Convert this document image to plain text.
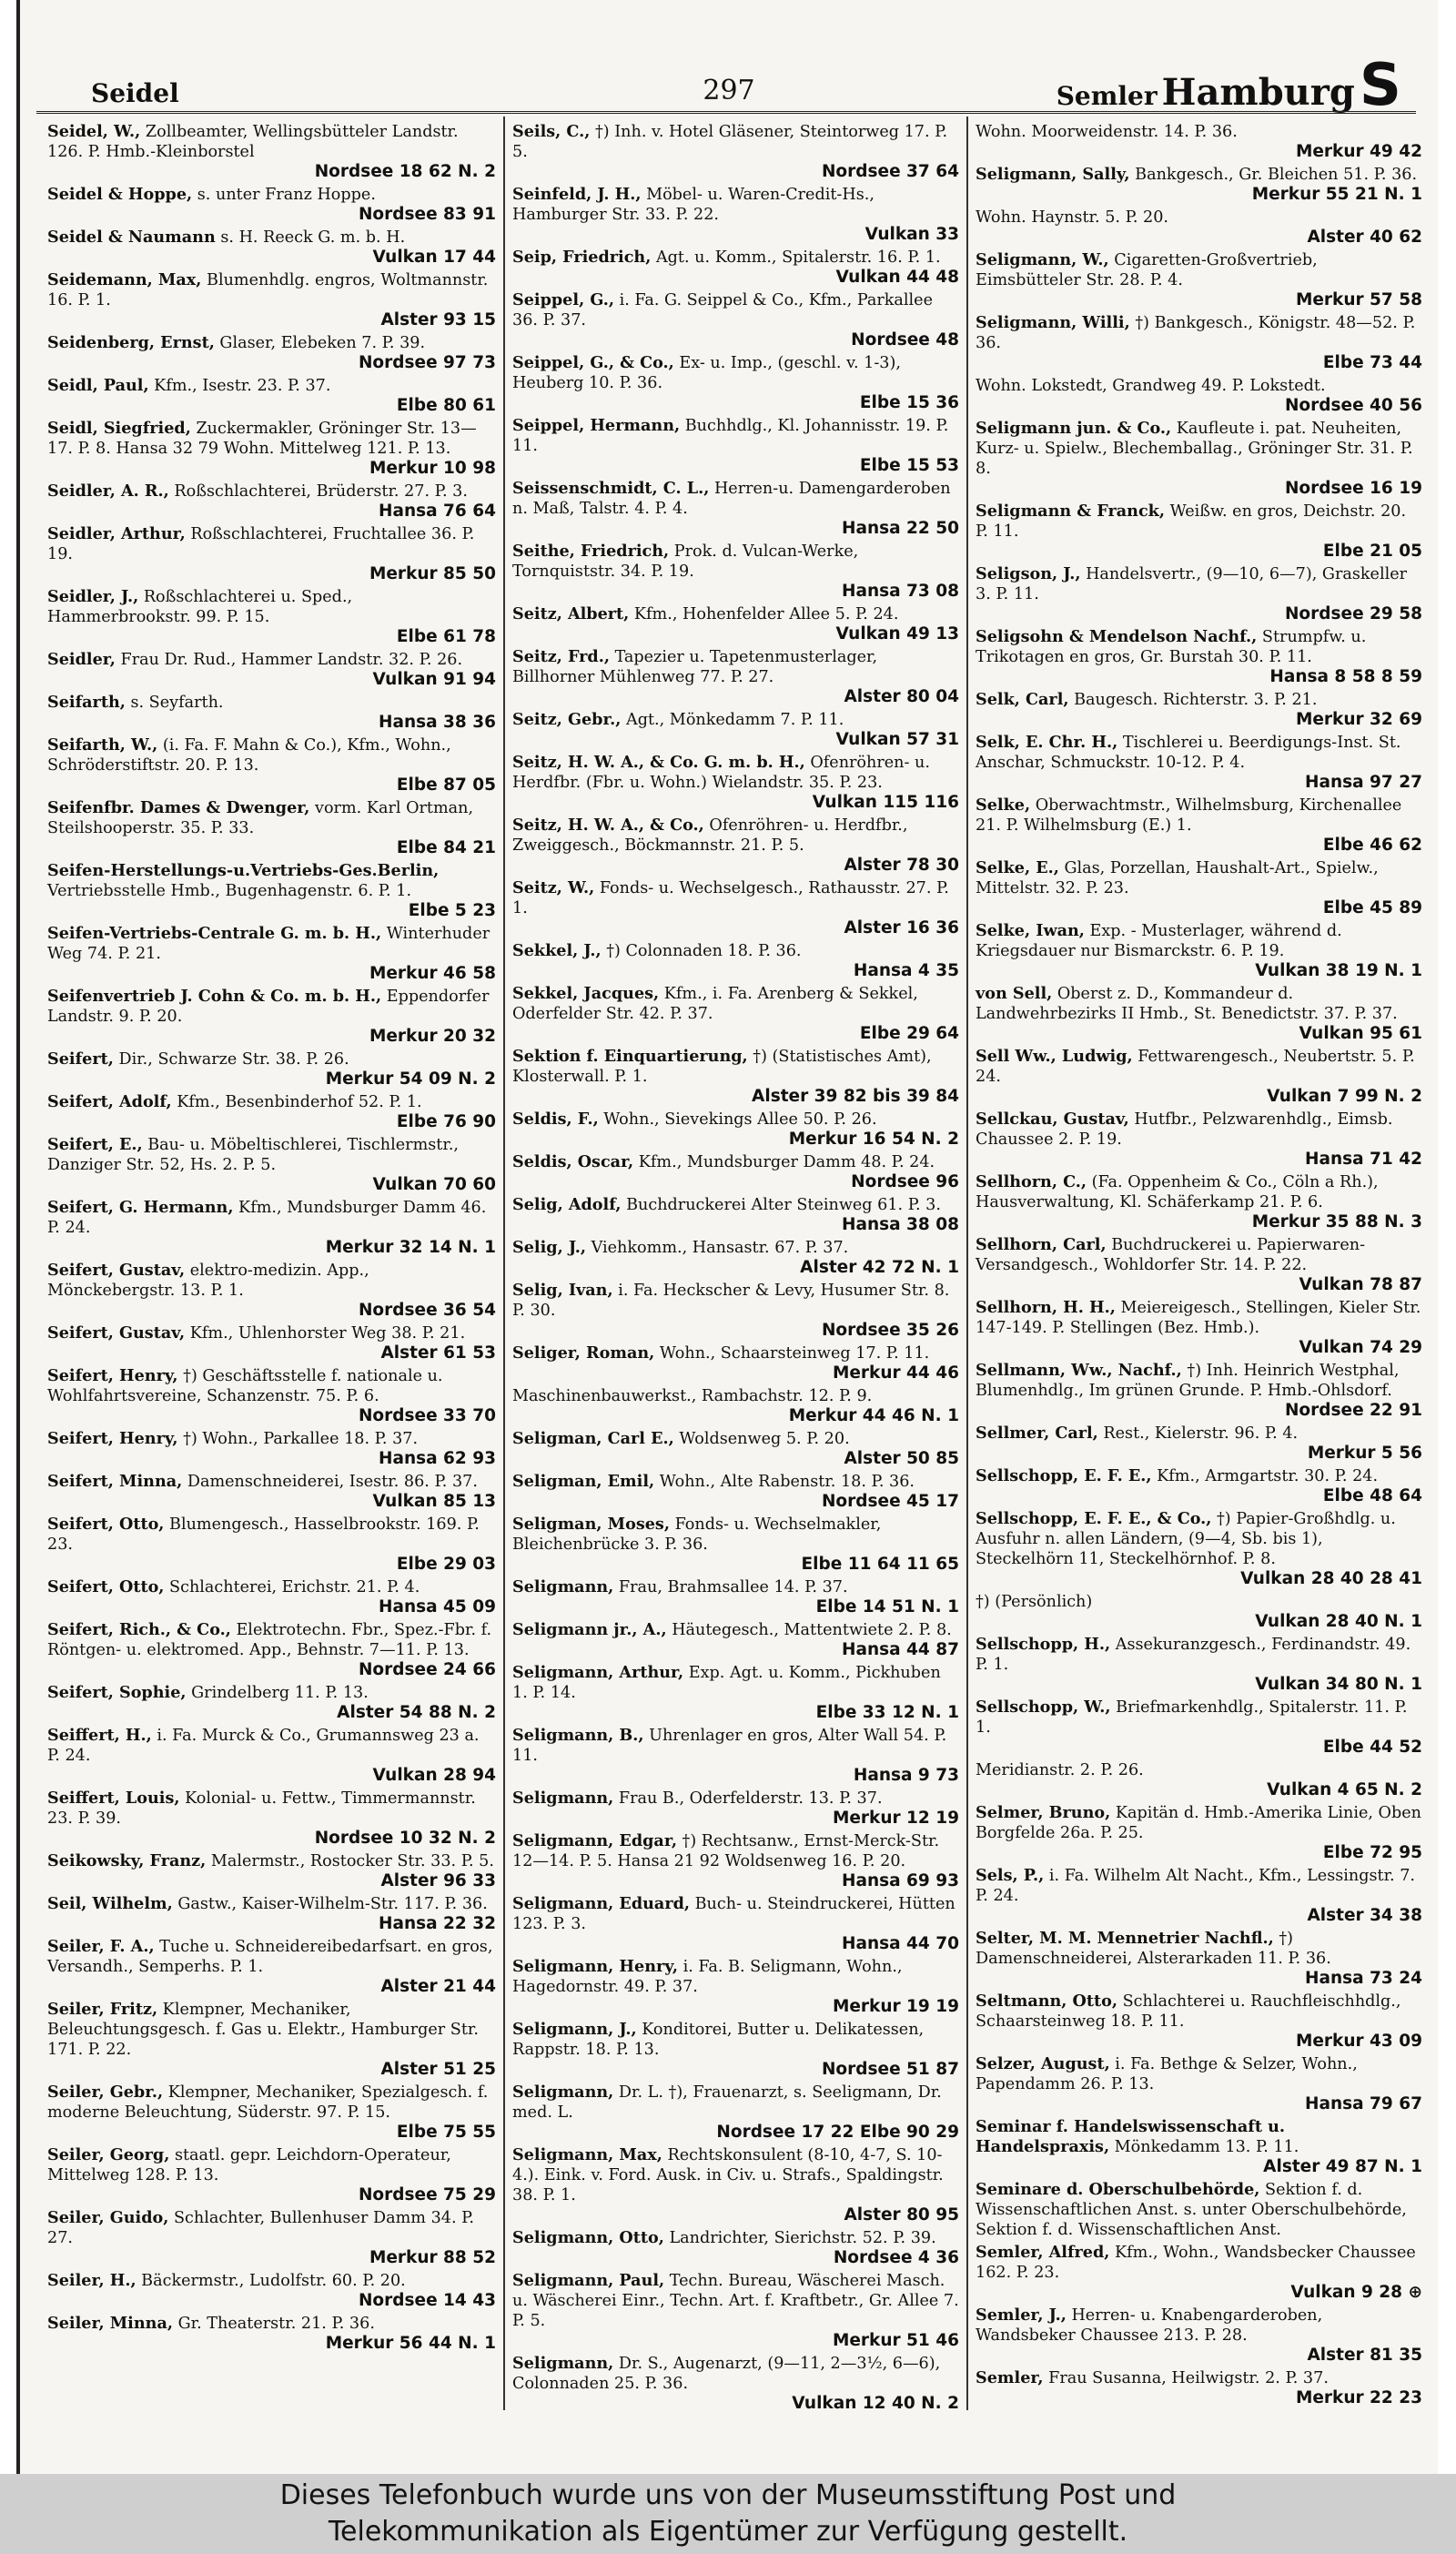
Seidel	297	Semler Hamburg S
Seidel, W., Zollbeamter, Wellingsbütteler Landstr. 126. P. Hmb.-Kleinborstel
Nordsee 18 62 N. 2
Seidel & Hoppe, s. unter Franz Hoppe.
Nordsee 83 91
Seidel & Naumann s. H. Reeck G. m. b. H.
Vulkan 17 44
Seidemann, Max, Blumenhdlg. engros, Woltmannstr. 16. P. 1.
Alster 93 15
Seidenberg, Ernst, Glaser, Elebeken 7. P. 39.
Nordsee 97 73
Seidl, Paul, Kfm., Isestr. 23. P. 37.
Elbe 80 61
Seidl, Siegfried, Zuckermakler, Gröninger Str. 13—17. P. 8. Hansa 32 79 Wohn. Mittelweg 121. P. 13.
Merkur 10 98
Seidler, A. R., Roßschlachterei, Brüderstr. 27. P. 3.
Hansa 76 64
Seidler, Arthur, Roßschlachterei, Fruchtallee 36. P. 19.
Merkur 85 50
Seidler, J., Roßschlachterei u. Sped., Hammerbrookstr. 99. P. 15.
Elbe 61 78
Seidler, Frau Dr. Rud., Hammer Landstr. 32. P. 26.
Vulkan 91 94
Seifarth, s. Seyfarth.
Hansa 38 36
Seifarth, W., (i. Fa. F. Mahn & Co.), Kfm., Wohn., Schröderstiftstr. 20. P. 13.
Elbe 87 05
Seifenfbr. Dames & Dwenger, vorm. Karl Ortman, Steilshooperstr. 35. P. 33.
Elbe 84 21
Seifen-Herstellungs-u.Vertriebs-Ges.Berlin, Vertriebsstelle Hmb., Bugenhagenstr. 6. P. 1.
Elbe 5 23
Seifen-Vertriebs-Centrale G. m. b. H., Winterhuder Weg 74. P. 21.
Merkur 46 58
Seifenvertrieb J. Cohn & Co. m. b. H., Eppendorfer Landstr. 9. P. 20.
Merkur 20 32
Seifert, Dir., Schwarze Str. 38. P. 26.
Merkur 54 09 N. 2
Seifert, Adolf, Kfm., Besenbinderhof 52. P. 1.
Elbe 76 90
Seifert, E., Bau- u. Möbeltischlerei, Tischlermstr., Danziger Str. 52, Hs. 2. P. 5.
Vulkan 70 60
Seifert, G. Hermann, Kfm., Mundsburger Damm 46. P. 24.
Merkur 32 14 N. 1
Seifert, Gustav, elektro-medizin. App., Mönckebergstr. 13. P. 1.
Nordsee 36 54
Seifert, Gustav, Kfm., Uhlenhorster Weg 38. P. 21.
Alster 61 53
Seifert, Henry, †) Geschäftsstelle f. nationale u. Wohlfahrtsvereine, Schanzenstr. 75. P. 6.
Nordsee 33 70
Seifert, Henry, †) Wohn., Parkallee 18. P. 37.
Hansa 62 93
Seifert, Minna, Damenschneiderei, Isestr. 86. P. 37.
Vulkan 85 13
Seifert, Otto, Blumengesch., Hasselbrookstr. 169. P. 23.
Elbe 29 03
Seifert, Otto, Schlachterei, Erichstr. 21. P. 4.
Hansa 45 09
Seifert, Rich., & Co., Elektrotechn. Fbr., Spez.-Fbr. f. Röntgen- u. elektromed. App., Behnstr. 7—11. P. 13.
Nordsee 24 66
Seifert, Sophie, Grindelberg 11. P. 13.
Alster 54 88 N. 2
Seiffert, H., i. Fa. Murck & Co., Grumannsweg 23 a. P. 24.
Vulkan 28 94
Seiffert, Louis, Kolonial- u. Fettw., Timmermannstr. 23. P. 39.
Nordsee 10 32 N. 2
Seikowsky, Franz, Malermstr., Rostocker Str. 33. P. 5.
Alster 96 33
Seil, Wilhelm, Gastw., Kaiser-Wilhelm-Str. 117. P. 36.
Hansa 22 32
Seiler, F. A., Tuche u. Schneidereibedarfsart. en gros, Versandh., Semperhs. P. 1.
Alster 21 44
Seiler, Fritz, Klempner, Mechaniker, Beleuchtungsgesch. f. Gas u. Elektr., Hamburger Str. 171. P. 22.
Alster 51 25
Seiler, Gebr., Klempner, Mechaniker, Spezialgesch. f. moderne Beleuchtung, Süderstr. 97. P. 15.
Elbe 75 55
Seiler, Georg, staatl. gepr. Leichdorn-Operateur, Mittelweg 128. P. 13.
Nordsee 75 29
Seiler, Guido, Schlachter, Bullenhuser Damm 34. P. 27.
Merkur 88 52
Seiler, H., Bäckermstr., Ludolfstr. 60. P. 20.
Nordsee 14 43
Seiler, Minna, Gr. Theaterstr. 21. P. 36.
Merkur 56 44 N. 1
Seils, C., †) Inh. v. Hotel Gläsener, Steintorweg 17. P. 5.
Nordsee 37 64
Seinfeld, J. H., Möbel- u. Waren-Credit-Hs., Hamburger Str. 33. P. 22.
Vulkan 33
Seip, Friedrich, Agt. u. Komm., Spitalerstr. 16. P. 1.
Vulkan 44 48
Seippel, G., i. Fa. G. Seippel & Co., Kfm., Parkallee 36. P. 37.
Nordsee 48
Seippel, G., & Co., Ex- u. Imp., (geschl. v. 1-3), Heuberg 10. P. 36.
Elbe 15 36
Seippel, Hermann, Buchhdlg., Kl. Johannisstr. 19. P. 11.
Elbe 15 53
Seissenschmidt, C. L., Herren-u. Damengarderoben n. Maß, Talstr. 4. P. 4.
Hansa 22 50
Seithe, Friedrich, Prok. d. Vulcan-Werke, Tornquiststr. 34. P. 19.
Hansa 73 08
Seitz, Albert, Kfm., Hohenfelder Allee 5. P. 24.
Vulkan 49 13
Seitz, Frd., Tapezier u. Tapetenmusterlager, Billhorner Mühlenweg 77. P. 27.
Alster 80 04
Seitz, Gebr., Agt., Mönkedamm 7. P. 11.
Vulkan 57 31
Seitz, H. W. A., & Co. G. m. b. H., Ofenröhren- u. Herdfbr. (Fbr. u. Wohn.) Wielandstr. 35. P. 23.
Vulkan 115 116
Seitz, H. W. A., & Co., Ofenröhren- u. Herdfbr., Zweiggesch., Böckmannstr. 21. P. 5.
Alster 78 30
Seitz, W., Fonds- u. Wechselgesch., Rathausstr. 27. P. 1.
Alster 16 36
Sekkel, J., †) Colonnaden 18. P. 36.
Hansa 4 35
Sekkel, Jacques, Kfm., i. Fa. Arenberg & Sekkel, Oderfelder Str. 42. P. 37.
Elbe 29 64
Sektion f. Einquartierung, †) (Statistisches Amt), Klosterwall. P. 1.
Alster 39 82 bis 39 84
Seldis, F., Wohn., Sievekings Allee 50. P. 26.
Merkur 16 54 N. 2
Seldis, Oscar, Kfm., Mundsburger Damm 48. P. 24.
Nordsee 96
Selig, Adolf, Buchdruckerei Alter Steinweg 61. P. 3.
Hansa 38 08
Selig, J., Viehkomm., Hansastr. 67. P. 37.
Alster 42 72 N. 1
Selig, Ivan, i. Fa. Heckscher & Levy, Husumer Str. 8. P. 30.
Nordsee 35 26
Seliger, Roman, Wohn., Schaarsteinweg 17. P. 11.
Merkur 44 46
Maschinenbauwerkst., Rambachstr. 12. P. 9.
Merkur 44 46 N. 1
Seligman, Carl E., Woldsenweg 5. P. 20.
Alster 50 85
Seligman, Emil, Wohn., Alte Rabenstr. 18. P. 36.
Nordsee 45 17
Seligman, Moses, Fonds- u. Wechselmakler, Bleichenbrücke 3. P. 36.
Elbe 11 64 11 65
Seligmann, Frau, Brahmsallee 14. P. 37.
Elbe 14 51 N. 1
Seligmann jr., A., Häutegesch., Mattentwiete 2. P. 8.
Hansa 44 87
Seligmann, Arthur, Exp. Agt. u. Komm., Pickhuben 1. P. 14.
Elbe 33 12 N. 1
Seligmann, B., Uhrenlager en gros, Alter Wall 54. P. 11.
Hansa 9 73
Seligmann, Frau B., Oderfelderstr. 13. P. 37.
Merkur 12 19
Seligmann, Edgar, †) Rechtsanw., Ernst-Merck-Str. 12—14. P. 5. Hansa 21 92 Woldsenweg 16. P. 20.
Hansa 69 93
Seligmann, Eduard, Buch- u. Steindruckerei, Hütten 123. P. 3.
Hansa 44 70
Seligmann, Henry, i. Fa. B. Seligmann, Wohn., Hagedornstr. 49. P. 37.
Merkur 19 19
Seligmann, J., Konditorei, Butter u. Delikatessen, Rappstr. 18. P. 13.
Nordsee 51 87
Seligmann, Dr. L. †), Frauenarzt, s. Seeligmann, Dr. med. L.
Nordsee 17 22 Elbe 90 29
Seligmann, Max, Rechtskonsulent (8-10, 4-7, S. 10-4.). Eink. v. Ford. Ausk. in Civ. u. Strafs., Spaldingstr. 38. P. 1.
Alster 80 95
Seligmann, Otto, Landrichter, Sierichstr. 52. P. 39.
Nordsee 4 36
Seligmann, Paul, Techn. Bureau, Wäscherei Masch. u. Wäscherei Einr., Techn. Art. f. Kraftbetr., Gr. Allee 7. P. 5.
Merkur 51 46
Seligmann, Dr. S., Augenarzt, (9—11, 2—3½, 6—6), Colonnaden 25. P. 36.
Vulkan 12 40 N. 2
Wohn. Moorweidenstr. 14. P. 36.
Merkur 49 42
Seligmann, Sally, Bankgesch., Gr. Bleichen 51. P. 36.
Merkur 55 21 N. 1
Wohn. Haynstr. 5. P. 20.
Alster 40 62
Seligmann, W., Cigaretten-Großvertrieb, Eimsbütteler Str. 28. P. 4.
Merkur 57 58
Seligmann, Willi, †) Bankgesch., Königstr. 48—52. P. 36.
Elbe 73 44
Wohn. Lokstedt, Grandweg 49. P. Lokstedt.
Nordsee 40 56
Seligmann jun. & Co., Kaufleute i. pat. Neuheiten, Kurz- u. Spielw., Blechemballag., Gröninger Str. 31. P. 8.
Nordsee 16 19
Seligmann & Franck, Weißw. en gros, Deichstr. 20. P. 11.
Elbe 21 05
Seligson, J., Handelsvertr., (9—10, 6—7), Graskeller 3. P. 11.
Nordsee 29 58
Seligsohn & Mendelson Nachf., Strumpfw. u. Trikotagen en gros, Gr. Burstah 30. P. 11.
Hansa 8 58 8 59
Selk, Carl, Baugesch. Richterstr. 3. P. 21.
Merkur 32 69
Selk, E. Chr. H., Tischlerei u. Beerdigungs-Inst. St. Anschar, Schmuckstr. 10-12. P. 4.
Hansa 97 27
Selke, Oberwachtmstr., Wilhelmsburg, Kirchenallee 21. P. Wilhelmsburg (E.) 1.
Elbe 46 62
Selke, E., Glas, Porzellan, Haushalt-Art., Spielw., Mittelstr. 32. P. 23.
Elbe 45 89
Selke, Iwan, Exp. - Musterlager, während d. Kriegsdauer nur Bismarckstr. 6. P. 19.
Vulkan 38 19 N. 1
von Sell, Oberst z. D., Kommandeur d. Landwehrbezirks II Hmb., St. Benedictstr. 37. P. 37.
Vulkan 95 61
Sell Ww., Ludwig, Fettwarengesch., Neubertstr. 5. P. 24.
Vulkan 7 99 N. 2
Sellckau, Gustav, Hutfbr., Pelzwarenhdlg., Eimsb. Chaussee 2. P. 19.
Hansa 71 42
Sellhorn, C., (Fa. Oppenheim & Co., Cöln a Rh.), Hausverwaltung, Kl. Schäferkamp 21. P. 6.
Merkur 35 88 N. 3
Sellhorn, Carl, Buchdruckerei u. Papierwaren-Versandgesch., Wohldorfer Str. 14. P. 22.
Vulkan 78 87
Sellhorn, H. H., Meiereigesch., Stellingen, Kieler Str. 147-149. P. Stellingen (Bez. Hmb.).
Vulkan 74 29
Sellmann, Ww., Nachf., †) Inh. Heinrich Westphal, Blumenhdlg., Im grünen Grunde. P. Hmb.-Ohlsdorf.
Nordsee 22 91
Sellmer, Carl, Rest., Kielerstr. 96. P. 4.
Merkur 5 56
Sellschopp, E. F. E., Kfm., Armgartstr. 30. P. 24.
Elbe 48 64
Sellschopp, E. F. E., & Co., †) Papier-Großhdlg. u. Ausfuhr n. allen Ländern, (9—4, Sb. bis 1), Steckelhörn 11, Steckelhörnhof. P. 8.
Vulkan 28 40 28 41
†) (Persönlich)
Vulkan 28 40 N. 1
Sellschopp, H., Assekuranzgesch., Ferdinandstr. 49. P. 1.
Vulkan 34 80 N. 1
Sellschopp, W., Briefmarkenhdlg., Spitalerstr. 11. P. 1.
Elbe 44 52
Meridianstr. 2. P. 26.
Vulkan 4 65 N. 2
Selmer, Bruno, Kapitän d. Hmb.-Amerika Linie, Oben Borgfelde 26a. P. 25.
Elbe 72 95
Sels, P., i. Fa. Wilhelm Alt Nacht., Kfm., Lessingstr. 7. P. 24.
Alster 34 38
Selter, M. M. Mennetrier Nachfl., †) Damenschneiderei, Alsterarkaden 11. P. 36.
Hansa 73 24
Seltmann, Otto, Schlachterei u. Rauchfleischhdlg., Schaarsteinweg 18. P. 11.
Merkur 43 09
Selzer, August, i. Fa. Bethge & Selzer, Wohn., Papendamm 26. P. 13.
Hansa 79 67
Seminar f. Handelswissenschaft u. Handelspraxis, Mönkedamm 13. P. 11.
Alster 49 87 N. 1
Seminare d. Oberschulbehörde, Sektion f. d. Wissenschaftlichen Anst. s. unter Oberschulbehörde, Sektion f. d. Wissenschaftlichen Anst.
Semler, Alfred, Kfm., Wohn., Wandsbecker Chaussee 162. P. 23.
Vulkan 9 28 ⊕
Semler, J., Herren- u. Knabengarderoben, Wandsbeker Chaussee 213. P. 28.
Alster 81 35
Semler, Frau Susanna, Heilwigstr. 2. P. 37.
Merkur 22 23
Dieses Telefonbuch wurde uns von der Museumsstiftung Post und
Telekommunikation als Eigentümer zur Verfügung gestellt.
